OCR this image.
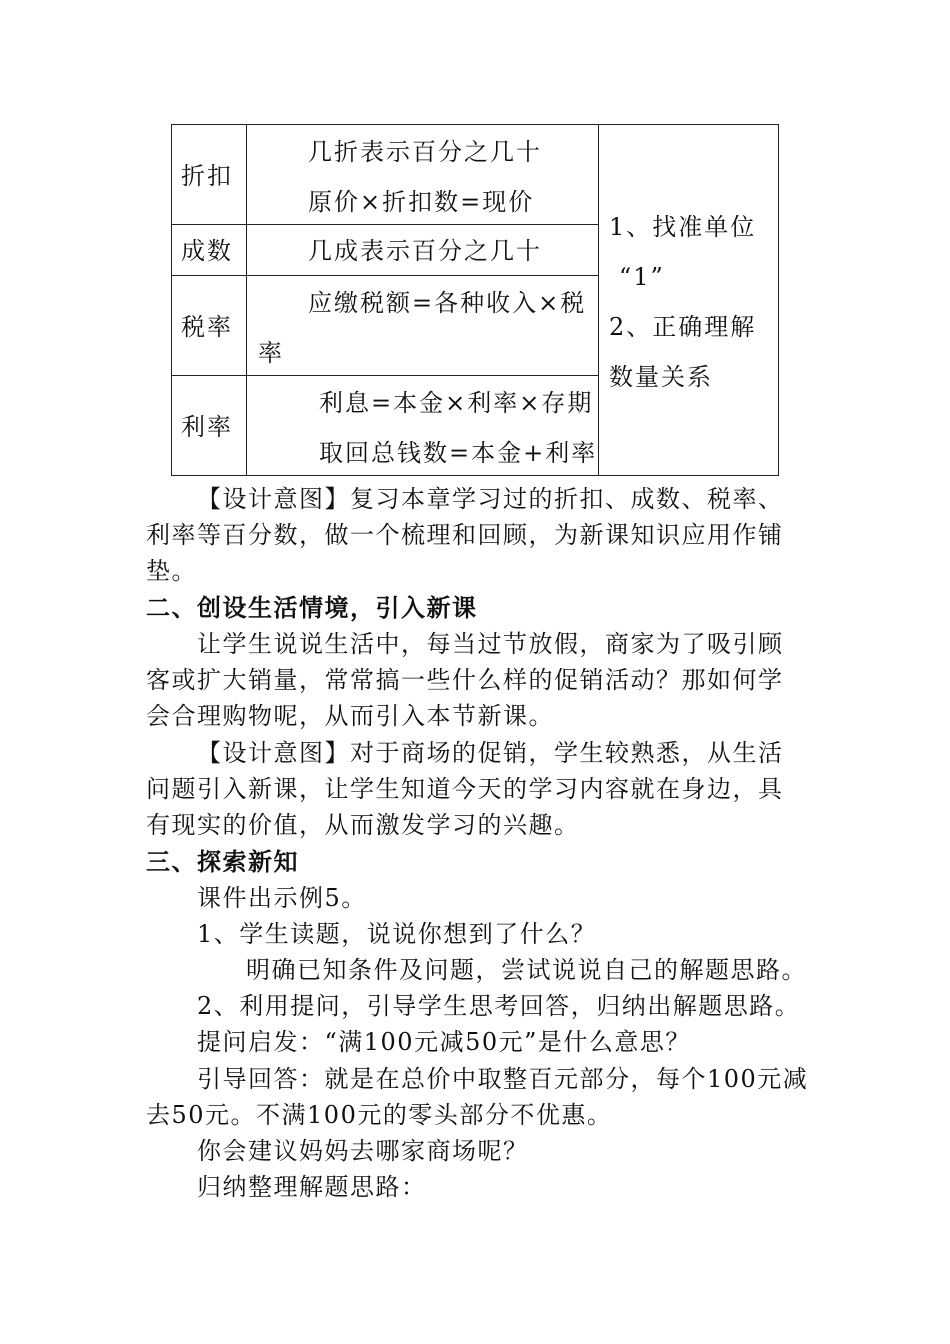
折扣
几折表示百分之几十
原价×折扣数=现价
成数	几成表示百分之几十
税率
应缴税额=各种收入×税
率
利率
利息=本金×利率×存期
取回总钱数=本金+利率
1、找准单位
“1”
2、正确理解
数量关系
【设计意图】复习本章学习过的折扣、成数、税率、
利率等百分数，做一个梳理和回顾，为新课知识应用作铺
垫。
二、创设生活情境，引入新课
让学生说说生活中，每当过节放假，商家为了吸引顾
客或扩大销量，常常搞一些什么样的促销活动？那如何学
会合理购物呢，从而引入本节新课。
【设计意图】对于商场的促销，学生较熟悉，从生活
问题引入新课，让学生知道今天的学习内容就在身边，具
有现实的价值，从而激发学习的兴趣。
三、探索新知
课件出示例5。
1、学生读题，说说你想到了什么？
明确已知条件及问题，尝试说说自己的解题思路。
2、利用提问，引导学生思考回答，归纳出解题思路。
提问启发：“满100元减50元”是什么意思？
引导回答：就是在总价中取整百元部分，每个100元减
去50元。不满100元的零头部分不优惠。
你会建议妈妈去哪家商场呢？
归纳整理解题思路：
